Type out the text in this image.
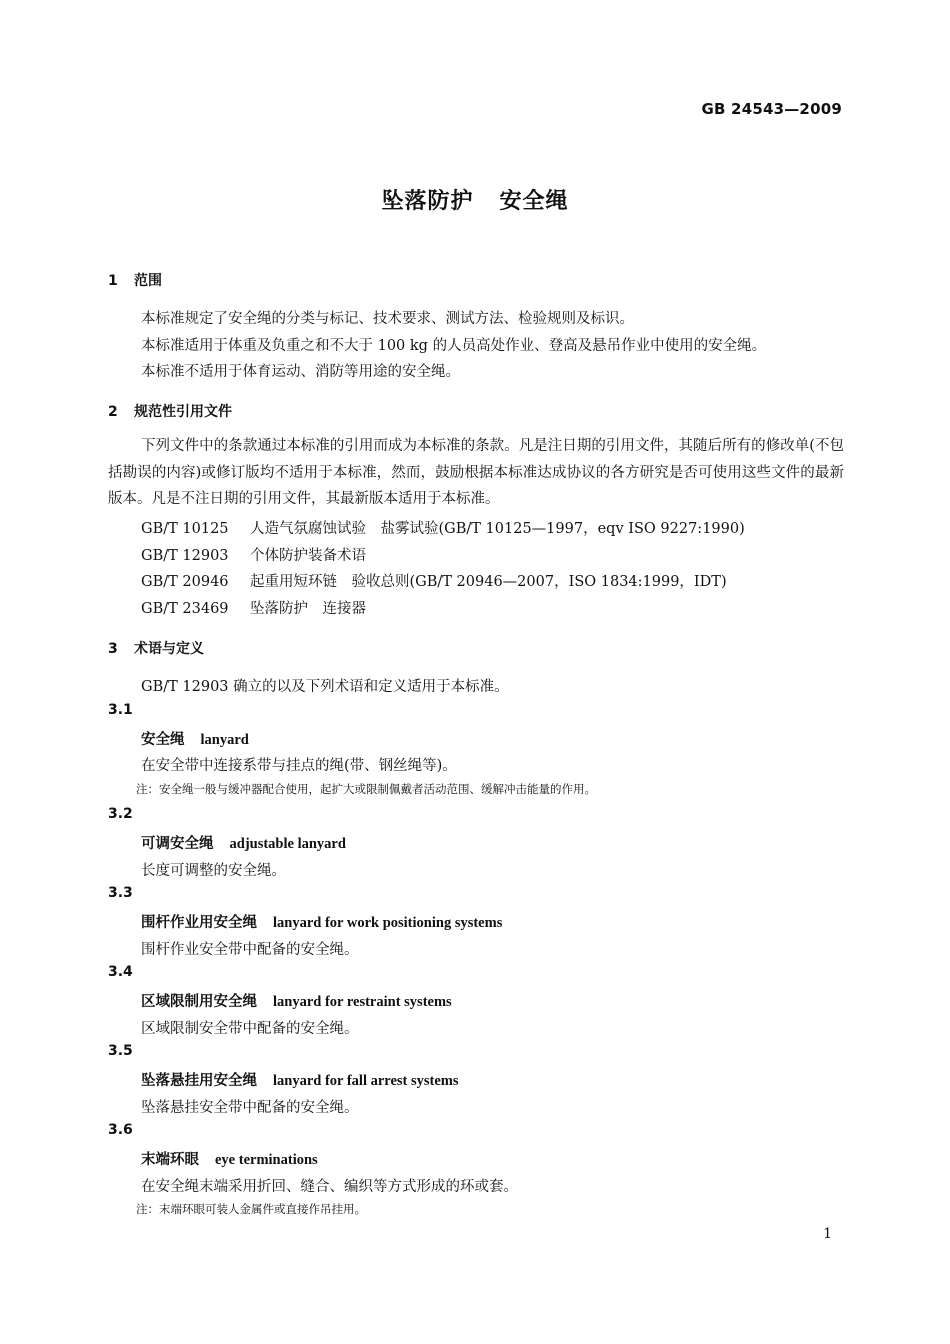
GB 24543—2009
坠落防护 安全绳
1 范围
本标准规定了安全绳的分类与标记、技术要求、测试方法、检验规则及标识。
本标准适用于体重及负重之和不大于 100 kg 的人员高处作业、登高及悬吊作业中使用的安全绳。
本标准不适用于体育运动、消防等用途的安全绳。
2 规范性引用文件
下列文件中的条款通过本标准的引用而成为本标准的条款。凡是注日期的引用文件，其随后所有的修改单(不包括勘误的内容)或修订版均不适用于本标准，然而，鼓励根据本标准达成协议的各方研究是否可使用这些文件的最新版本。凡是不注日期的引用文件，其最新版本适用于本标准。
GB/T 10125 人造气氛腐蚀试验　盐雾试验(GB/T 10125—1997，eqv ISO 9227:1990)
GB/T 12903 个体防护装备术语
GB/T 20946 起重用短环链　验收总则(GB/T 20946—2007，ISO 1834:1999，IDT)
GB/T 23469 坠落防护　连接器
3 术语与定义
GB/T 12903 确立的以及下列术语和定义适用于本标准。
3.1
安全绳 lanyard
在安全带中连接系带与挂点的绳(带、钢丝绳等)。
注：安全绳一般与缓冲器配合使用，起扩大或限制佩戴者活动范围、缓解冲击能量的作用。
3.2
可调安全绳 adjustable lanyard
长度可调整的安全绳。
3.3
围杆作业用安全绳 lanyard for work positioning systems
围杆作业安全带中配备的安全绳。
3.4
区域限制用安全绳 lanyard for restraint systems
区域限制安全带中配备的安全绳。
3.5
坠落悬挂用安全绳 lanyard for fall arrest systems
坠落悬挂安全带中配备的安全绳。
3.6
末端环眼 eye terminations
在安全绳末端采用折回、缝合、编织等方式形成的环或套。
注：末端环眼可装人金属件或直接作吊挂用。
1
